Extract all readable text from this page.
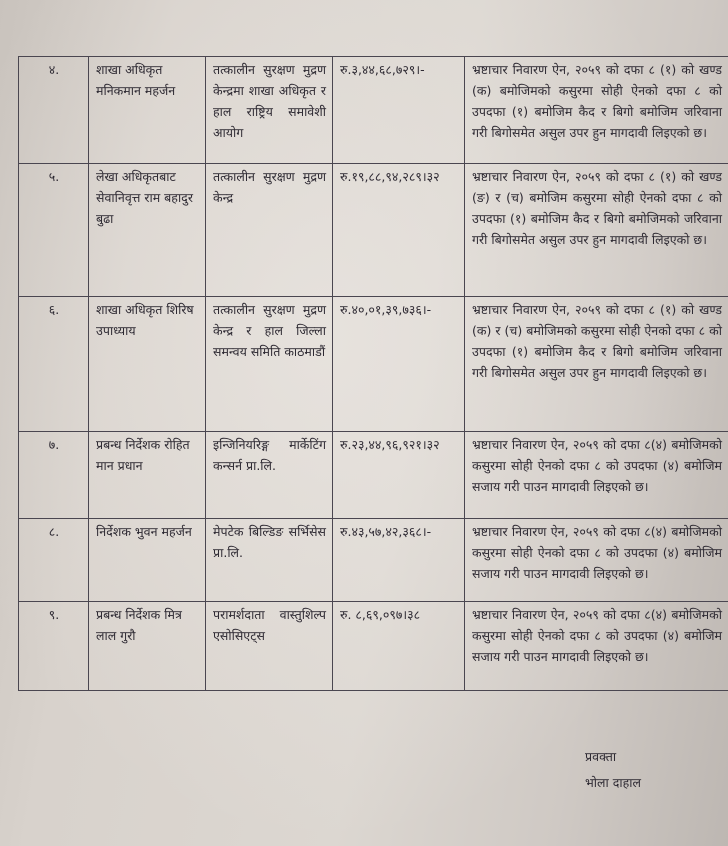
४.	शाखा अधिकृत मनिकमान महर्जन	तत्कालीन सुरक्षण मुद्रण केन्द्रमा शाखा अधिकृत र हाल राष्ट्रिय समावेशी आयोग	रु.३,४४,६८,७२९।-	भ्रष्टाचार निवारण ऐन, २०५९ को दफा ८ (१) को खण्ड (क) बमोजिमको कसुरमा सोही ऐनको दफा ८ को उपदफा (१) बमोजिम कैद र बिगो बमोजिम जरिवाना गरी बिगोसमेत असुल उपर हुन मागदावी लिइएको छ।
५.	लेखा अधिकृतबाट सेवानिवृत्त राम बहादुर बुढा	तत्कालीन सुरक्षण मुद्रण केन्द्र	रु.१९,८८,९४,२८९।३२	भ्रष्टाचार निवारण ऐन, २०५९ को दफा ८ (१) को खण्ड (ङ) र (च) बमोजिम कसुरमा सोही ऐनको दफा ८ को उपदफा (१) बमोजिम कैद र बिगो बमोजिमको जरिवाना गरी बिगोसमेत असुल उपर हुन मागदावी लिइएको छ।
६.	शाखा अधिकृत शिरिष उपाध्याय	तत्कालीन सुरक्षण मुद्रण केन्द्र र हाल जिल्ला समन्वय समिति काठमाडौं	रु.४०,०१,३९,७३६।-	भ्रष्टाचार निवारण ऐन, २०५९ को दफा ८ (१) को खण्ड (क) र (च) बमोजिमको कसुरमा सोही ऐनको दफा ८ को उपदफा (१) बमोजिम कैद र बिगो बमोजिम जरिवाना गरी बिगोसमेत असुल उपर हुन मागदावी लिइएको छ।
७.	प्रबन्ध निर्देशक रोहित मान प्रधान	इन्जिनियरिङ्ग मार्केटिंग कन्सर्न प्रा.लि.	रु.२३,४४,९६,९२१।३२	भ्रष्टाचार निवारण ऐन, २०५९ को दफा ८(४) बमोजिमको कसुरमा सोही ऐनको दफा ८ को उपदफा (४) बमोजिम सजाय गरी पाउन मागदावी लिइएको छ।
८.	निर्देशक भुवन महर्जन	मेपटेक बिल्डिङ सर्भिसेस प्रा.लि.	रु.४३,५७,४२,३६८।-	भ्रष्टाचार निवारण ऐन, २०५९ को दफा ८(४) बमोजिमको कसुरमा सोही ऐनको दफा ८ को उपदफा (४) बमोजिम सजाय गरी पाउन मागदावी लिइएको छ।
९.	प्रबन्ध निर्देशक मित्र लाल गुरौ	परामर्शदाता वास्तुशिल्प एसोसिएट्स	रु. ८,६९,०९७।३८	भ्रष्टाचार निवारण ऐन, २०५९ को दफा ८(४) बमोजिमको कसुरमा सोही ऐनको दफा ८ को उपदफा (४) बमोजिम सजाय गरी पाउन मागदावी लिइएको छ।
प्रवक्ता
भोला दाहाल
